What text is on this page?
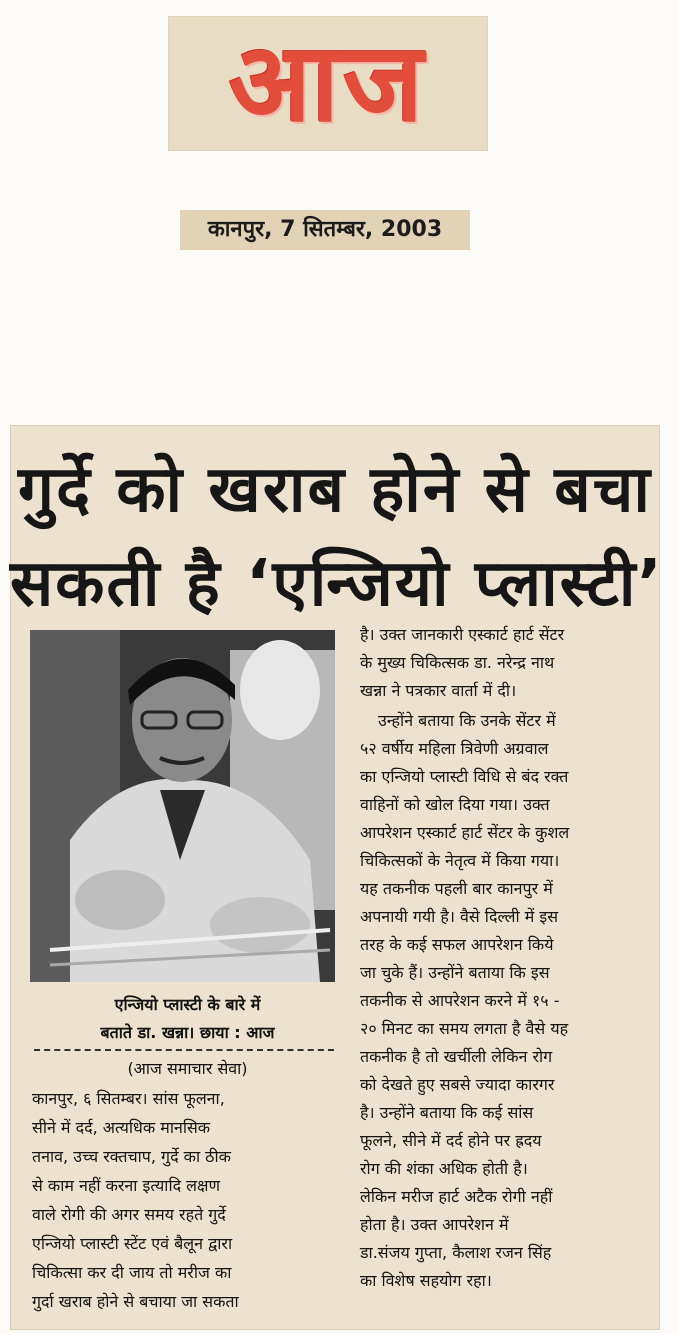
आज
कानपुर, 7 सितम्बर, 2003
गुर्दे को खराब होने से बचा
सकती है ‘एन्जियो प्लास्टी’
एन्जियो प्लास्टी के बारे में
बताते डा. खन्ना। छाया : आज
(आज समाचार सेवा)
कानपुर, ६ सितम्बर। सांस फूलना,
सीने में दर्द, अत्यधिक मानसिक
तनाव, उच्च रक्तचाप, गुर्दे का ठीक
से काम नहीं करना इत्यादि लक्षण
वाले रोगी की अगर समय रहते गुर्दे
एन्जियो प्लास्टी स्टेंट एवं बैलून द्वारा
चिकित्सा कर दी जाय तो मरीज का
गुर्दा खराब होने से बचाया जा सकता
है। उक्त जानकारी एस्कार्ट हार्ट सेंटर
के मुख्य चिकित्सक डा. नरेन्द्र नाथ
खन्ना ने पत्रकार वार्ता में दी।
उन्होंने बताया कि उनके सेंटर में
५२ वर्षीय महिला त्रिवेणी अग्रवाल
का एन्जियो प्लास्टी विधि से बंद रक्त
वाहिनों को खोल दिया गया। उक्त
आपरेशन एस्कार्ट हार्ट सेंटर के कुशल
चिकित्सकों के नेतृत्व में किया गया।
यह तकनीक पहली बार कानपुर में
अपनायी गयी है। वैसे दिल्ली में इस
तरह के कई सफल आपरेशन किये
जा चुके हैं। उन्होंने बताया कि इस
तकनीक से आपरेशन करने में १५ -
२० मिनट का समय लगता है वैसे यह
तकनीक है तो खर्चीली लेकिन रोग
को देखते हुए सबसे ज्यादा कारगर
है। उन्होंने बताया कि कई सांस
फूलने, सीने में दर्द होने पर ह्रदय
रोग की शंका अधिक होती है।
लेकिन मरीज हार्ट अटैक रोगी नहीं
होता है। उक्त आपरेशन में
डा.संजय गुप्ता, कैलाश रजन सिंह
का विशेष सहयोग रहा।
